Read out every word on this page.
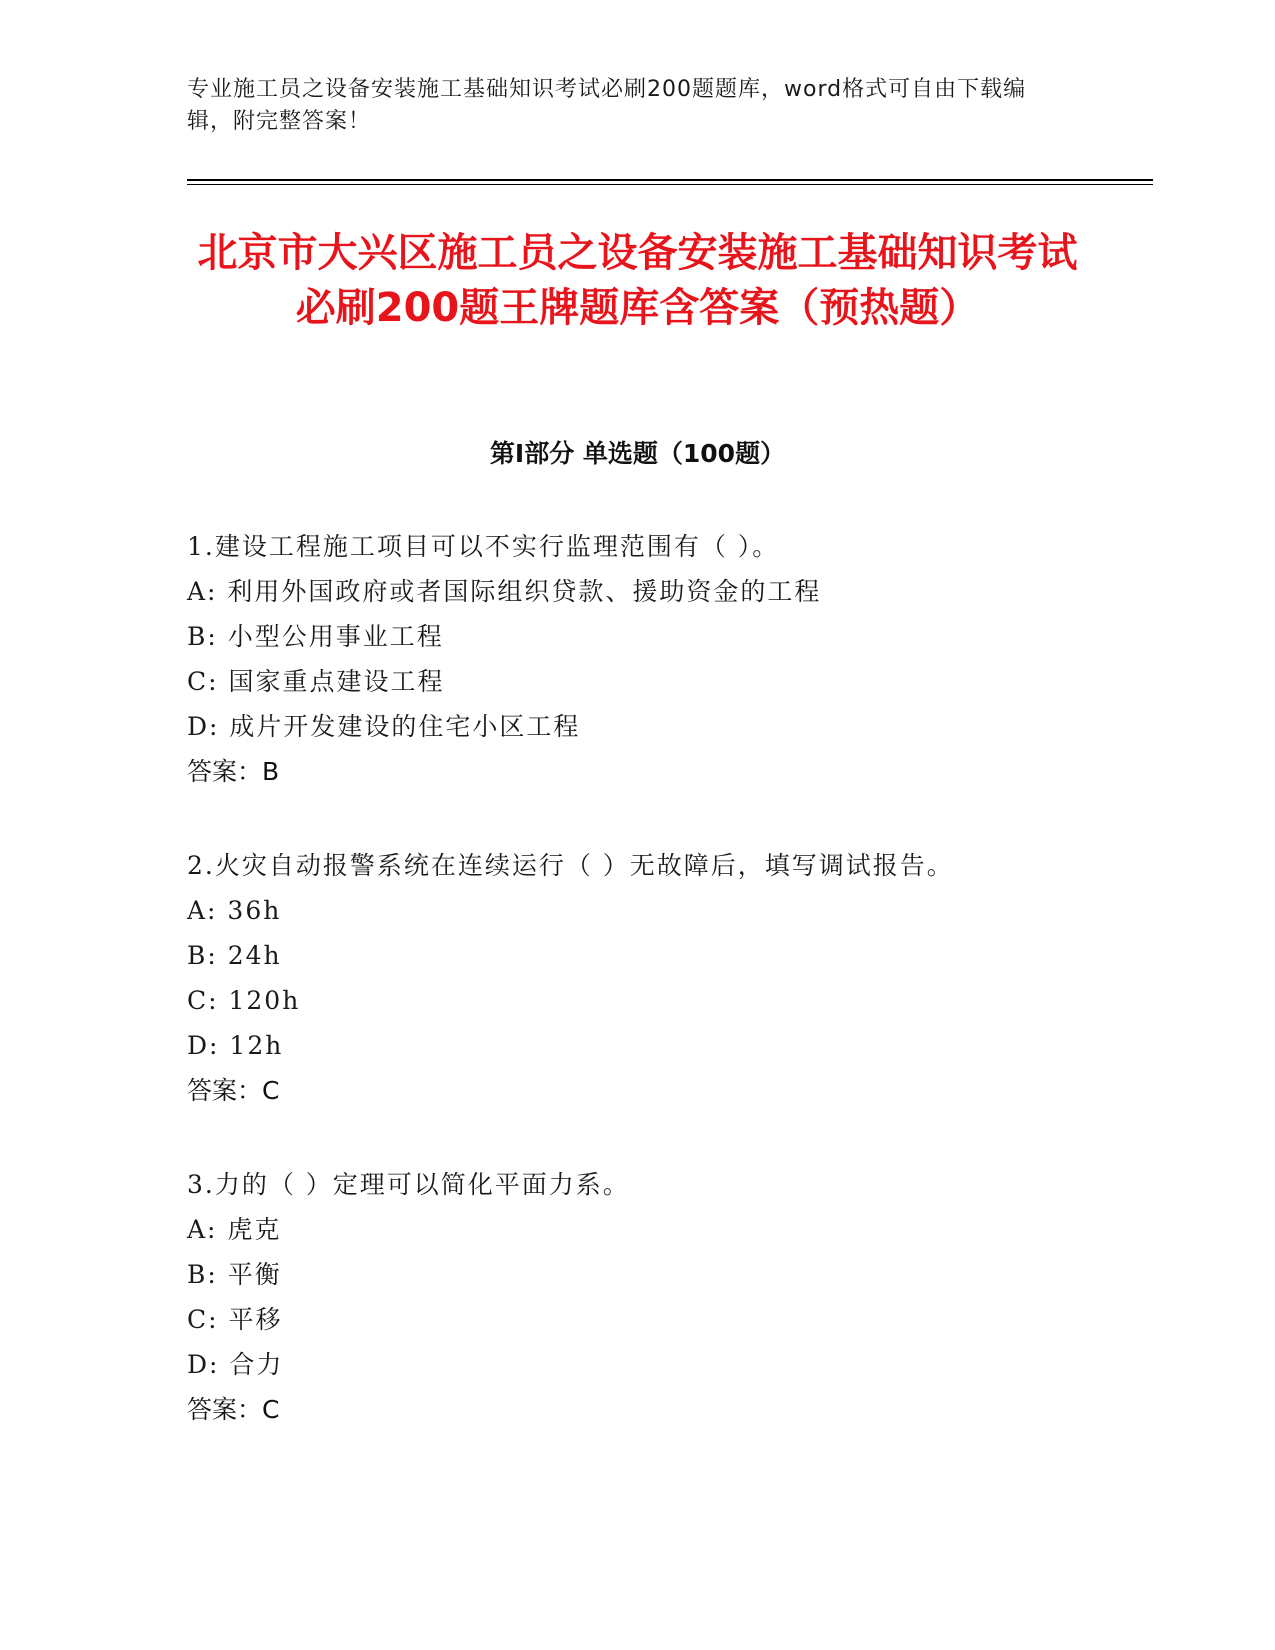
专业施工员之设备安装施工基础知识考试必刷200题题库，word格式可自由下载编辑，附完整答案！
北京市大兴区施工员之设备安装施工基础知识考试必刷200题王牌题库含答案（预热题）
第I部分 单选题（100题）
1.建设工程施工项目可以不实行监理范围有（ ）。
A: 利用外国政府或者国际组织贷款、援助资金的工程
B: 小型公用事业工程
C: 国家重点建设工程
D: 成片开发建设的住宅小区工程
答案：B
2.火灾自动报警系统在连续运行（ ）无故障后，填写调试报告。
A: 36h
B: 24h
C: 120h
D: 12h
答案：C
3.力的（ ）定理可以简化平面力系。
A: 虎克
B: 平衡
C: 平移
D: 合力
答案：C
